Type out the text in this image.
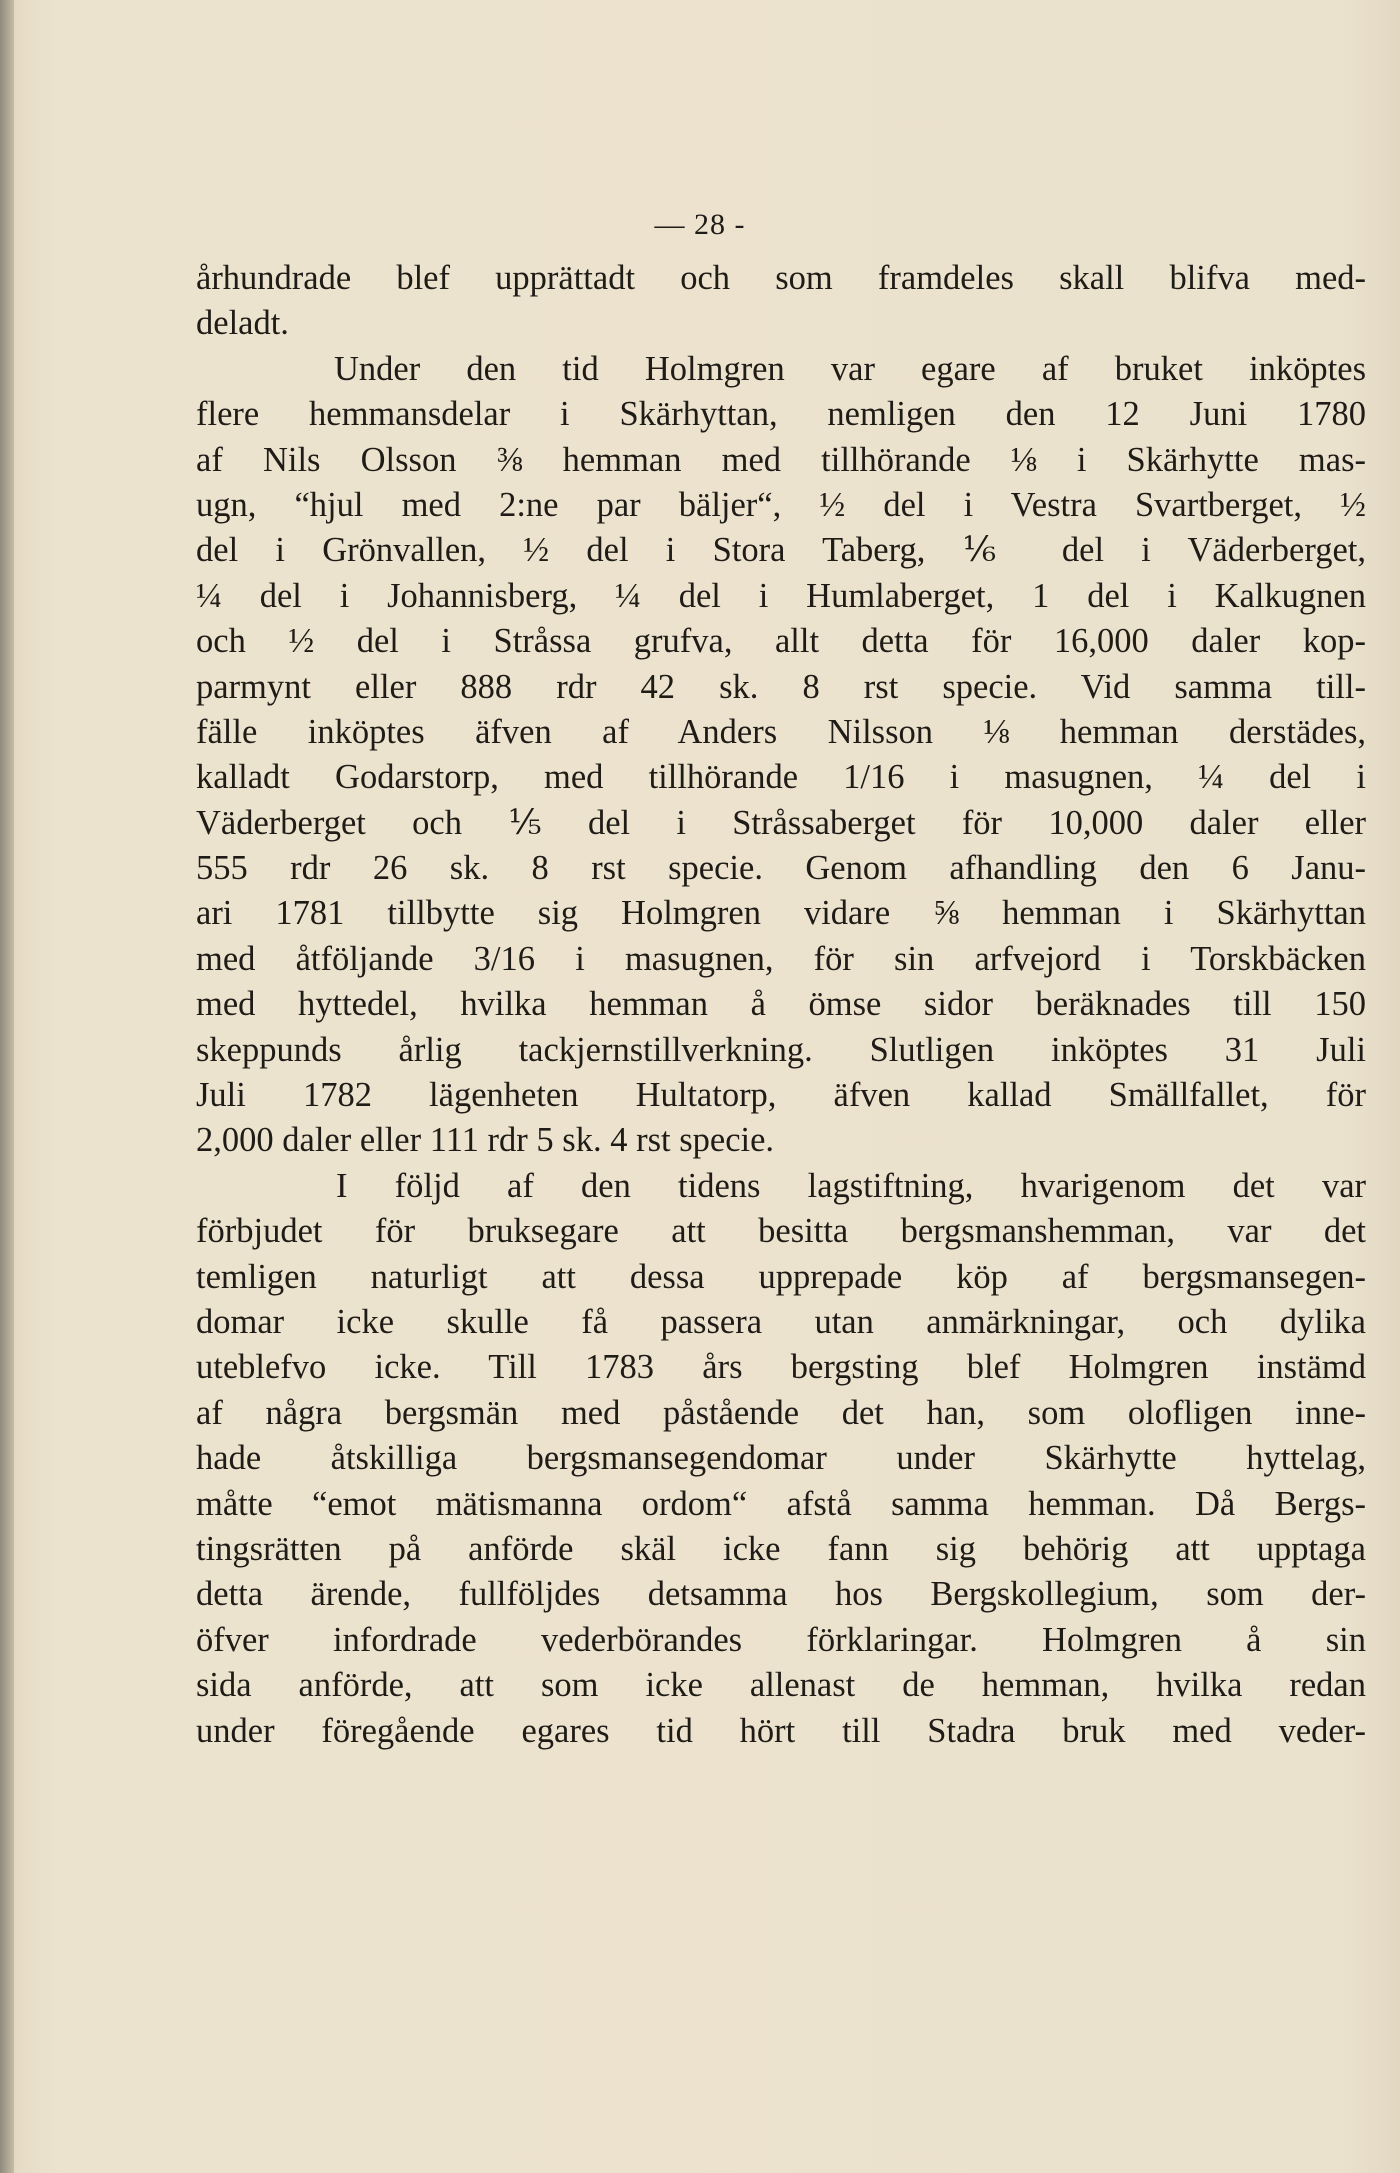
— 28 -
århundrade blef upprättadt och som framdeles skall blifva med-
deladt.
Under den tid Holmgren var egare af bruket inköptes
flere hemmansdelar i Skärhyttan, nemligen den 12 Juni 1780
af Nils Olsson ⅜ hemman med tillhörande ⅛ i Skärhytte mas-
ugn, “hjul med 2:ne par bäljer“, ½ del i Vestra Svartberget, ½
del i Grönvallen, ½ del i Stora Taberg, ⅙ del i Väderberget,
¼ del i Johannisberg, ¼ del i Humlaberget, 1 del i Kalkugnen
och ½ del i Stråssa grufva, allt detta för 16,000 daler kop-
parmynt eller 888 rdr 42 sk. 8 rst specie. Vid samma till-
fälle inköptes äfven af Anders Nilsson ⅛ hemman derstädes,
kalladt Godarstorp, med tillhörande 1/16 i masugnen, ¼ del i
Väderberget och ⅕ del i Stråssaberget för 10,000 daler eller
555 rdr 26 sk. 8 rst specie. Genom afhandling den 6 Janu-
ari 1781 tillbytte sig Holmgren vidare ⅝ hemman i Skärhyttan
med åtföljande 3/16 i masugnen, för sin arfvejord i Torskbäcken
med hyttedel, hvilka hemman å ömse sidor beräknades till 150
skeppunds årlig tackjernstillverkning. Slutligen inköptes 31 Juli
Juli 1782 lägenheten Hultatorp, äfven kallad Smällfallet, för
2,000 daler eller 111 rdr 5 sk. 4 rst specie.
I följd af den tidens lagstiftning, hvarigenom det var
förbjudet för bruksegare att besitta bergsmanshemman, var det
temligen naturligt att dessa upprepade köp af bergsmansegen-
domar icke skulle få passera utan anmärkningar, och dylika
uteblefvo icke. Till 1783 års bergsting blef Holmgren instämd
af några bergsmän med påstående det han, som olofligen inne-
hade åtskilliga bergsmansegendomar under Skärhytte hyttelag,
måtte “emot mätismanna ordom“ afstå samma hemman. Då Bergs-
tingsrätten på anförde skäl icke fann sig behörig att upptaga
detta ärende, fullföljdes detsamma hos Bergskollegium, som der-
öfver infordrade vederbörandes förklaringar. Holmgren å sin
sida anförde, att som icke allenast de hemman, hvilka redan
under föregående egares tid hört till Stadra bruk med veder-
